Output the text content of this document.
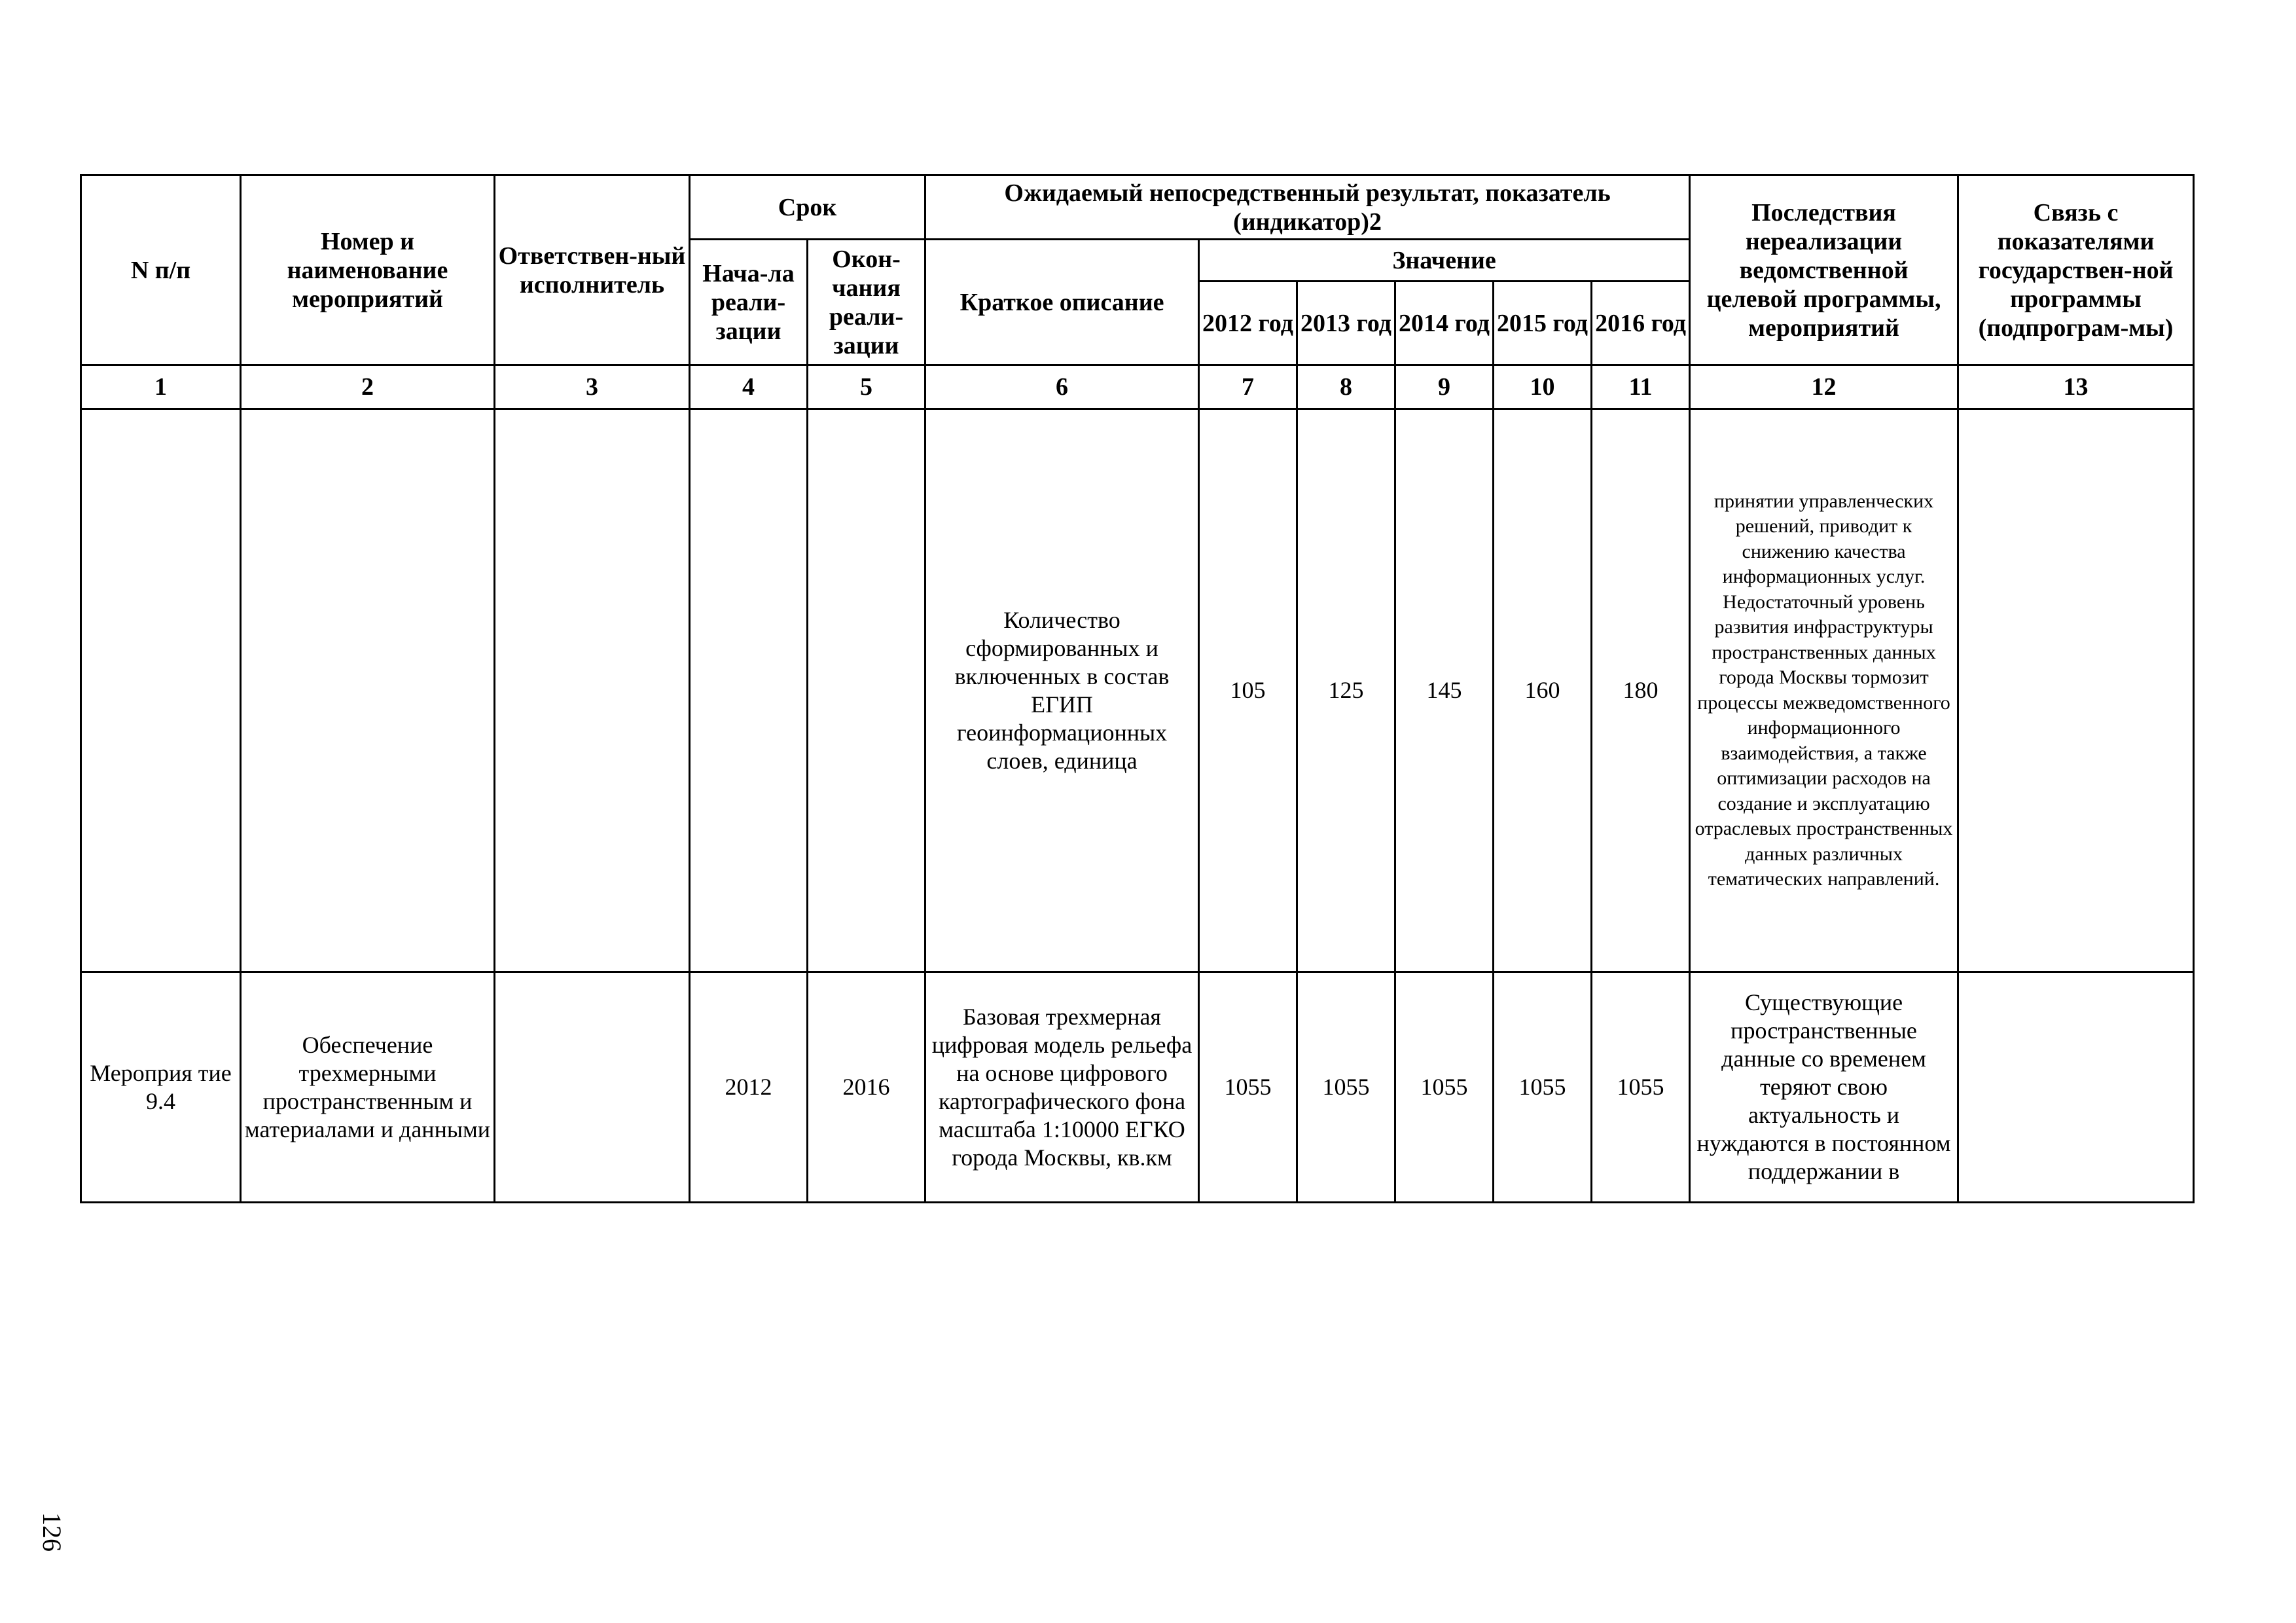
N п/п	Номер и наименование мероприятий	Ответствен-ный исполнитель	Срок		Ожидаемый непосредственный результат, показатель (индикатор)2						Последствия нереализации ведомственной целевой программы, мероприятий	Связь с показателями государствен-ной программы (подпрограм-мы)
			Нача-ла реали-зации	Окон-чания реали-зации	Краткое описание	Значение						
						2012 год	2013 год	2014 год	2015 год	2016 год		
1	2	3	4	5	6	7	8	9	10	11	12	13
					Количество сформированных и включенных в состав ЕГИП геоинформационных слоев, единица	105	125	145	160	180	принятии управленческих решений, приводит к снижению качества информационных услуг. Недостаточный уровень развития инфраструктуры пространственных данных города Москвы тормозит процессы межведомственного информационного взаимодействия, а также оптимизации расходов на создание и эксплуатацию отраслевых пространственных данных различных тематических направлений.	
Мероприя тие 9.4	Обеспечение трехмерными пространственным и материалами и данными		2012	2016	Базовая трехмерная цифровая модель рельефа на основе цифрового картографического фона масштаба 1:10000 ЕГКО города Москвы, кв.км	1055	1055	1055	1055	1055	Существующие пространственные данные со временем теряют свою актуальность и нуждаются в постоянном поддержании в	
126
